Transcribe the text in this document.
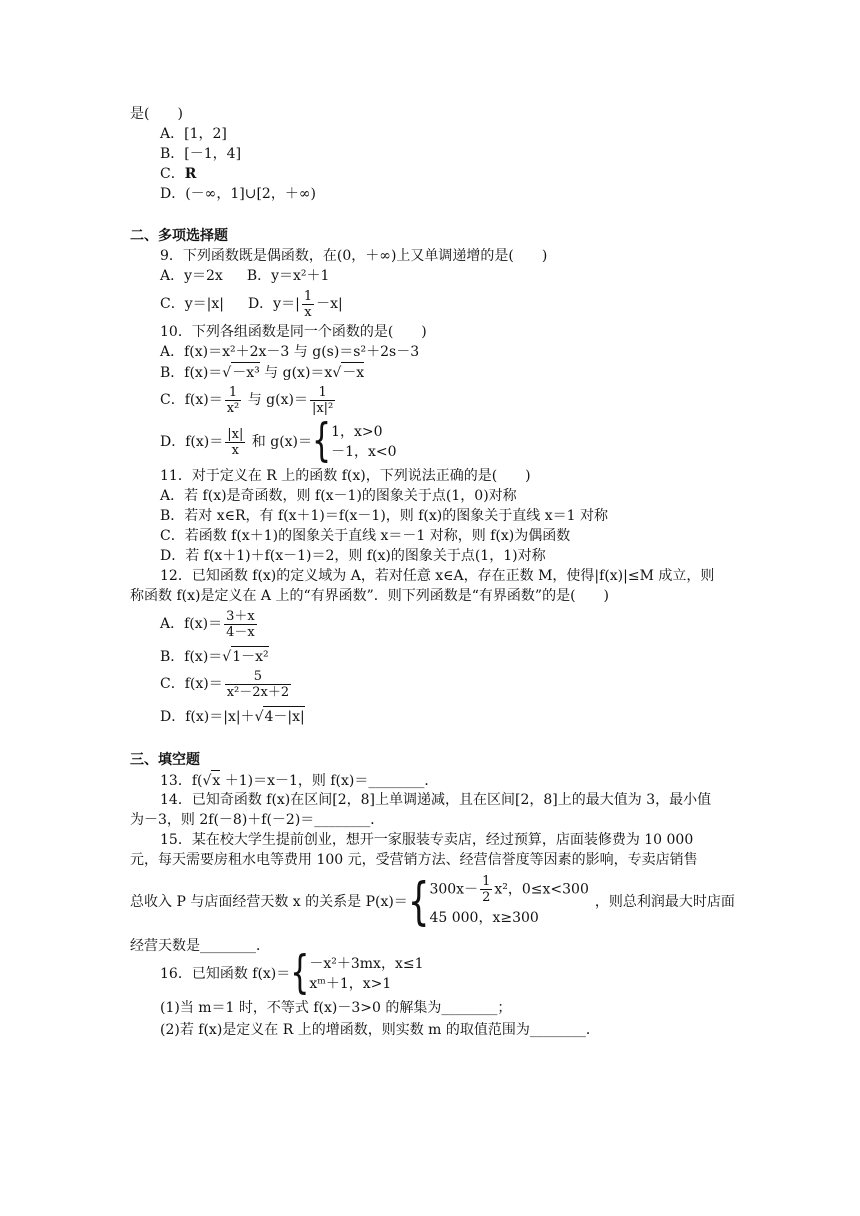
是(　　)
A．[1，2]
B．[－1，4]
C．R
D．(－∞，1]∪[2，＋∞)
二、多项选择题
9．下列函数既是偶函数，在(0，＋∞)上又单调递增的是(　　)
A．y＝2x B．y＝x²＋1
C．y＝|x| D．$y=| \frac{1}{x} -x|$
10．下列各组函数是同一个函数的是(　　)
A．f(x)＝x²＋2x－3 与 g(s)＝s²＋2s－3
B．f(x)＝√－x³ 与 g(x)＝x√－x
C．$f(x)= \frac{1}{\text{x²}}$ 与 $g(x)= \frac{1}{\text{|x|²}}$
D．$f(x)= \frac{|x|}{x}$ 和 g(x)＝{ 1，x>0
－1，x<0
11．对于定义在 R 上的函数 f(x)，下列说法正确的是(　　)
A．若 f(x)是奇函数，则 f(x－1)的图象关于点(1，0)对称
B．若对 x∈R，有 f(x＋1)＝f(x－1)，则 f(x)的图象关于直线 x＝1 对称
C．若函数 f(x＋1)的图象关于直线 x＝－1 对称，则 f(x)为偶函数
D．若 f(x＋1)＋f(x－1)＝2，则 f(x)的图象关于点(1，1)对称
12．已知函数 f(x)的定义域为 A，若对任意 x∈A，存在正数 M，使得|f(x)|≤M 成立，则
称函数 f(x)是定义在 A 上的“有界函数”．则下列函数是“有界函数”的是(　　)
A．$f(x)= \frac{3+x}{4-x}$
B．f(x)＝√1－x²
C．$f(x)= \frac{5}{\text{x²－2x＋2}}$
D．f(x)＝|x|＋√4－|x|
三、填空题
13．f(√x ＋1)＝x－1，则 f(x)＝________．
14．已知奇函数 f(x)在区间[2，8]上单调递减，且在区间[2，8]上的最大值为 3，最小值
为－3，则 2f(－8)＋f(－2)＝________．
15．某在校大学生提前创业，想开一家服装专卖店，经过预算，店面装修费为 10 000
元，每天需要房租水电等费用 100 元，受营销方法、经营信誉度等因素的影响，专卖店销售
总收入 P 与店面经营天数 x 的关系是 P(x)＝{ $300x- \frac{1}{2} x^2$，0≤x<300
45 000，x≥300
，则总利润最大时店面
经营天数是________．
16．已知函数 f(x)＝{ －x²＋3mx，x≤1
xᵐ＋1，x>1
(1)当 m＝1 时，不等式 f(x)－3>0 的解集为________；
(2)若 f(x)是定义在 R 上的增函数，则实数 m 的取值范围为________．
